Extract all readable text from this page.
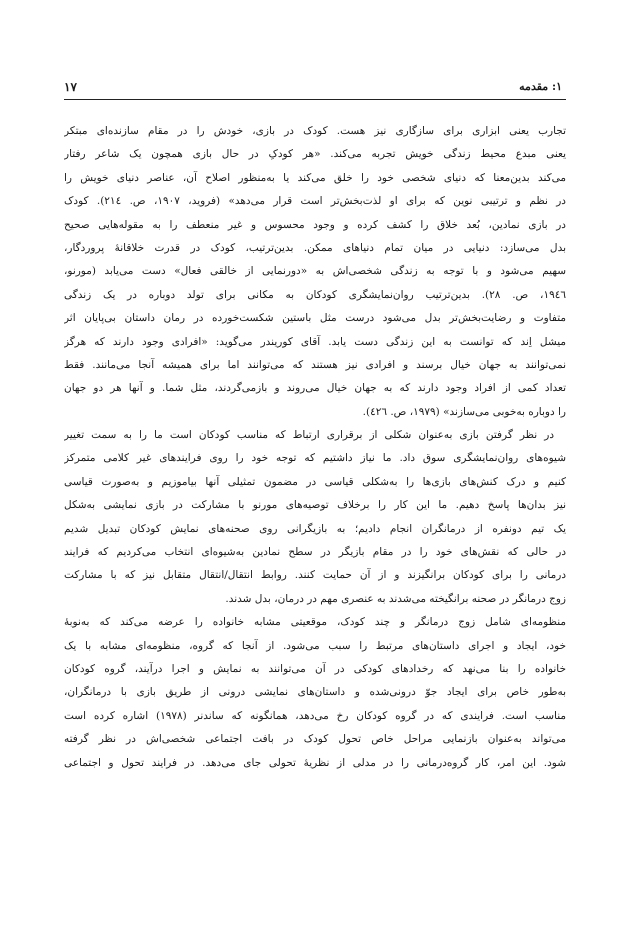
۱: مقدمه
۱۷

تجارب یعنی ابزاری برای سازگاری نیز هست. کودک در بازی، خودش را در مقام سازنده‌ای مبتکر
یعنی مبدع محیط زندگی خویش تجربه می‌کند. «هر کودکِ در حال بازی همچون یک شاعر رفتار
می‌کند بدین‌معنا که دنیای شخصی خود را خلق می‌کند یا به‌منظور اصلاح آن، عناصر دنیای خویش را
در نظم و ترتیبی نوین که برای او لذت‌بخش‌تر است قرار می‌دهد» (فروید، ۱۹۰۷، ص. ۲۱٤). کودک
در بازی نمادین، بُعد خلاق را کشف کرده و وجود محسوس و غیر منعطف را به مقوله‌هایی صحیح
بدل می‌سازد: دنیایی در میان تمام دنیاهای ممکن. بدین‌ترتیب، کودک در قدرت خلاقانهٔ پروردگار،
سهیم می‌شود و با توجه به زندگی شخصی‌اش به «دورنمایی از خالقی فعال» دست می‌یابد (مورنو،
۱۹٤٦، ص. ۲۸). بدین‌ترتیب روان‌نمایشگری کودکان به مکانی برای تولد دوباره در یک زندگی
متفاوت و رضایت‌بخش‌تر بدل می‌شود درست مثل باستین شکست‌خورده در رمان داستان بی‌پایان اثر
میشل اِند که توانست به این زندگی دست یابد. آقای کوریندر می‌گوید: «افرادی وجود دارند که هرگز
نمی‌توانند به جهان خیال برسند و افرادی نیز هستند که می‌توانند اما برای همیشه آنجا می‌مانند. فقط
تعداد کمی از افراد وجود دارند که به جهان خیال می‌روند و بازمی‌گردند، مثل شما. و آنها هر دو جهان
را دوباره به‌خوبی می‌سازند» (۱۹۷۹، ص. ٤۲٦).

در نظر گرفتن بازی به‌عنوان شکلی از برقراری ارتباط که مناسب کودکان است ما را به سمت تغییر
شیوه‌های روان‌نمایشگری سوق داد. ما نیاز داشتیم که توجه خود را روی فرایندهای غیر کلامی متمرکز
کنیم و درک کنش‌های بازی‌ها را به‌شکلی قیاسی در مضمون تمثیلی آنها بیاموزیم و به‌صورت قیاسی
نیز بدان‌ها پاسخ دهیم. ما این کار را برخلاف توصیه‌های مورنو با مشارکت در بازی نمایشی به‌شکل
یک تیم دونفره از درمانگران انجام دادیم؛ به بازیگرانی روی صحنه‌های نمایش کودکان تبدیل شدیم
در حالی که نقش‌های خود را در مقام بازیگر در سطح نمادین به‌شیوه‌ای انتخاب می‌کردیم که فرایند
درمانی را برای کودکان برانگیزند و از آن حمایت کنند. روابط انتقال/انتقال متقابل نیز که با مشارکت
زوج درمانگر در صحنه برانگیخته می‌شدند به عنصری مهم در درمان، بدل شدند.

منظومه‌ای شامل زوج درمانگر و چند کودک، موقعیتی مشابه خانواده را عرضه می‌کند که به‌نوبهٔ
خود، ایجاد و اجرای داستان‌های مرتبط را سبب می‌شود. از آنجا که گروه، منظومه‌ای مشابه با یک
خانواده را بنا می‌نهد که رخدادهای کودکی در آن می‌توانند به نمایش و اجرا درآیند، گروه کودکان
به‌طور خاص برای ایجاد جوّ درونی‌شده و داستان‌های نمایشی درونی از طریق بازی با درمانگران،
مناسب است. فرایندی که در گروه کودکان رخ می‌دهد، همانگونه که ساندنر (۱۹۷۸) اشاره کرده است
می‌تواند به‌عنوان بازنمایی مراحل خاص تحول کودک در بافت اجتماعی شخصی‌اش در نظر گرفته
شود. این امر، کار گروه‌درمانی را در مدلی از نظریهٔ تحولی جای می‌دهد. در فرایند تحول و اجتماعی
